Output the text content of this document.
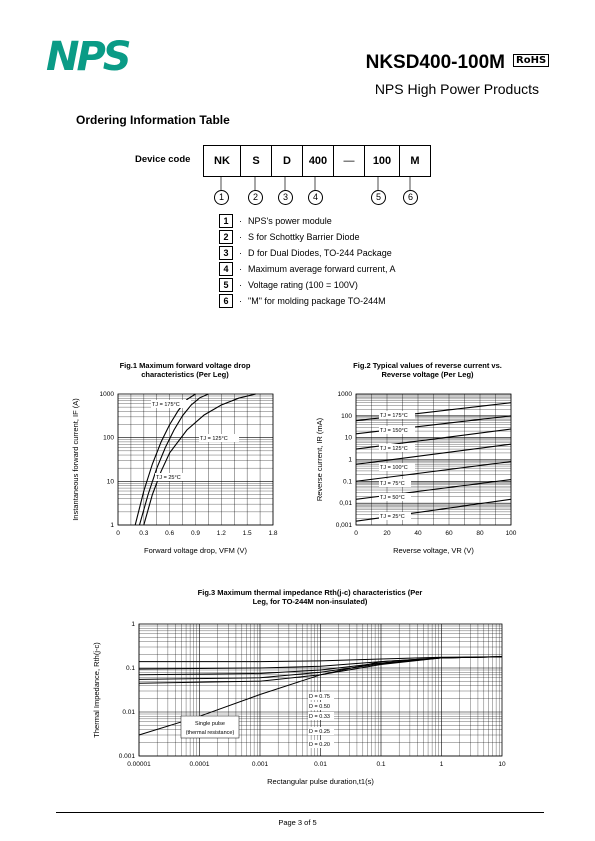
NPS	NKSD400-100M	RoHS
NPS High Power Products
Ordering Information Table
Device code NK	S	D	400	—	100	M
1	2	3	4	5	6
1	· NPS's power module
2	· S for Schottky Barrier Diode
3	· D for Dual Diodes, TO-244 Package
4	· Maximum average forward current, A
5	· Voltage rating (100 = 100V)
6	· "M" for molding package TO-244M
Fig.1 Maximum forward voltage drop characteristics (Per Leg)
0	0.3	0.6	0.9	1.2	1.5	1.8
1
10
100
1000
Forward voltage drop, VFM (V)
Instantaneous forward current, IF (A)	TJ = 175°C
TJ = 125°C
TJ = 25°C
Fig.2 Typical values of reverse current vs. Reverse voltage (Per Leg)
0	20	40	60	80	100
0,001
0,01
0.1
1
10
100
1000
Reverse voltage, VR (V)
Reverse current, IR (mA)
TJ = 175°C
TJ = 150°C
TJ = 125°C
TJ = 100°C
TJ = 75°C
TJ = 50°C
TJ = 25°C
Fig.3 Maximum thermal impedance Rth(j-c) characteristics (Per Leg, for TO-244M non-insulated)
0.00001	0.0001	0.001	0.01	0.1	1	10
0.001
0.01
0.1
1
Rectangular pulse duration,t1(s)
Thermal Impedance, Rth(j-c)	D = 0.75
D = 0.50
D = 0.33
D = 0.25
D = 0.20
Single pulse
(thermal resistance)
Page 3 of 5
